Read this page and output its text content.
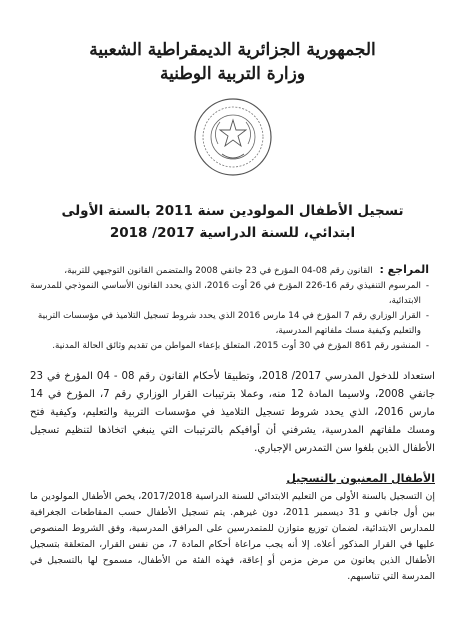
الجمهورية الجزائرية الديمقراطية الشعبية
وزارة التربية الوطنية
تسجيل الأطفال المولودين سنة 2011 بالسنة الأولى
ابتدائي، للسنة الدراسية 2017/ 2018
المراجع : القانون رقم 08-04 المؤرخ في 23 جانفي 2008 والمتضمن القانون التوجيهي للتربية،
- المرسوم التنفيذي رقم 16-226 المؤرخ في 26 أوت 2016، الذي يحدد القانون الأساسي النموذجي للمدرسة الابتدائية،
- القرار الوزاري رقم 7 المؤرخ في 14 مارس 2016 الذي يحدد شروط تسجيل التلاميذ في مؤسسات التربية والتعليم وكيفية مسك ملفاتهم المدرسية،
- المنشور رقم 861 المؤرخ في 30 أوت 2015، المتعلق بإعفاء المواطن من تقديم وثائق الحالة المدنية.

استعداد للدخول المدرسي 2017/ 2018، وتطبيقا لأحكام القانون رقم 08 - 04 المؤرخ في 23 جانفي 2008، ولاسيما المادة 12 منه، وعملا بترتيبات القرار الوزاري رقم 7، المؤرخ في 14 مارس 2016، الذي يحدد شروط تسجيل التلاميذ في مؤسسات التربية والتعليم، وكيفية فتح ومسك ملفاتهم المدرسية، يشرفني أن أوافيكم بالترتيبات التي ينبغي اتخاذها لتنظيم تسجيل الأطفال الذين بلغوا سن التمدرس الإجباري.

الأطفال المعنيون بالتسجيل

إن التسجيل بالسنة الأولى من التعليم الابتدائي للسنة الدراسية 2017/2018، يخص الأطفال المولودين ما بين أول جانفي و 31 ديسمبر 2011، دون غيرهم. يتم تسجيل الأطفال حسب المقاطعات الجغرافية للمدارس الابتدائية، لضمان توزيع متوازن للمتمدرسين على المرافق المدرسية، وفق الشروط المنصوص عليها في القرار المذكور أعلاه. إلا أنه يجب مراعاة أحكام المادة 7، من نفس القرار، المتعلقة بتسجيل الأطفال الذين يعانون من مرض مزمن أو إعاقة، فهذه الفئة من الأطفال، مسموح لها بالتسجيل في المدرسة التي تناسبهم.
